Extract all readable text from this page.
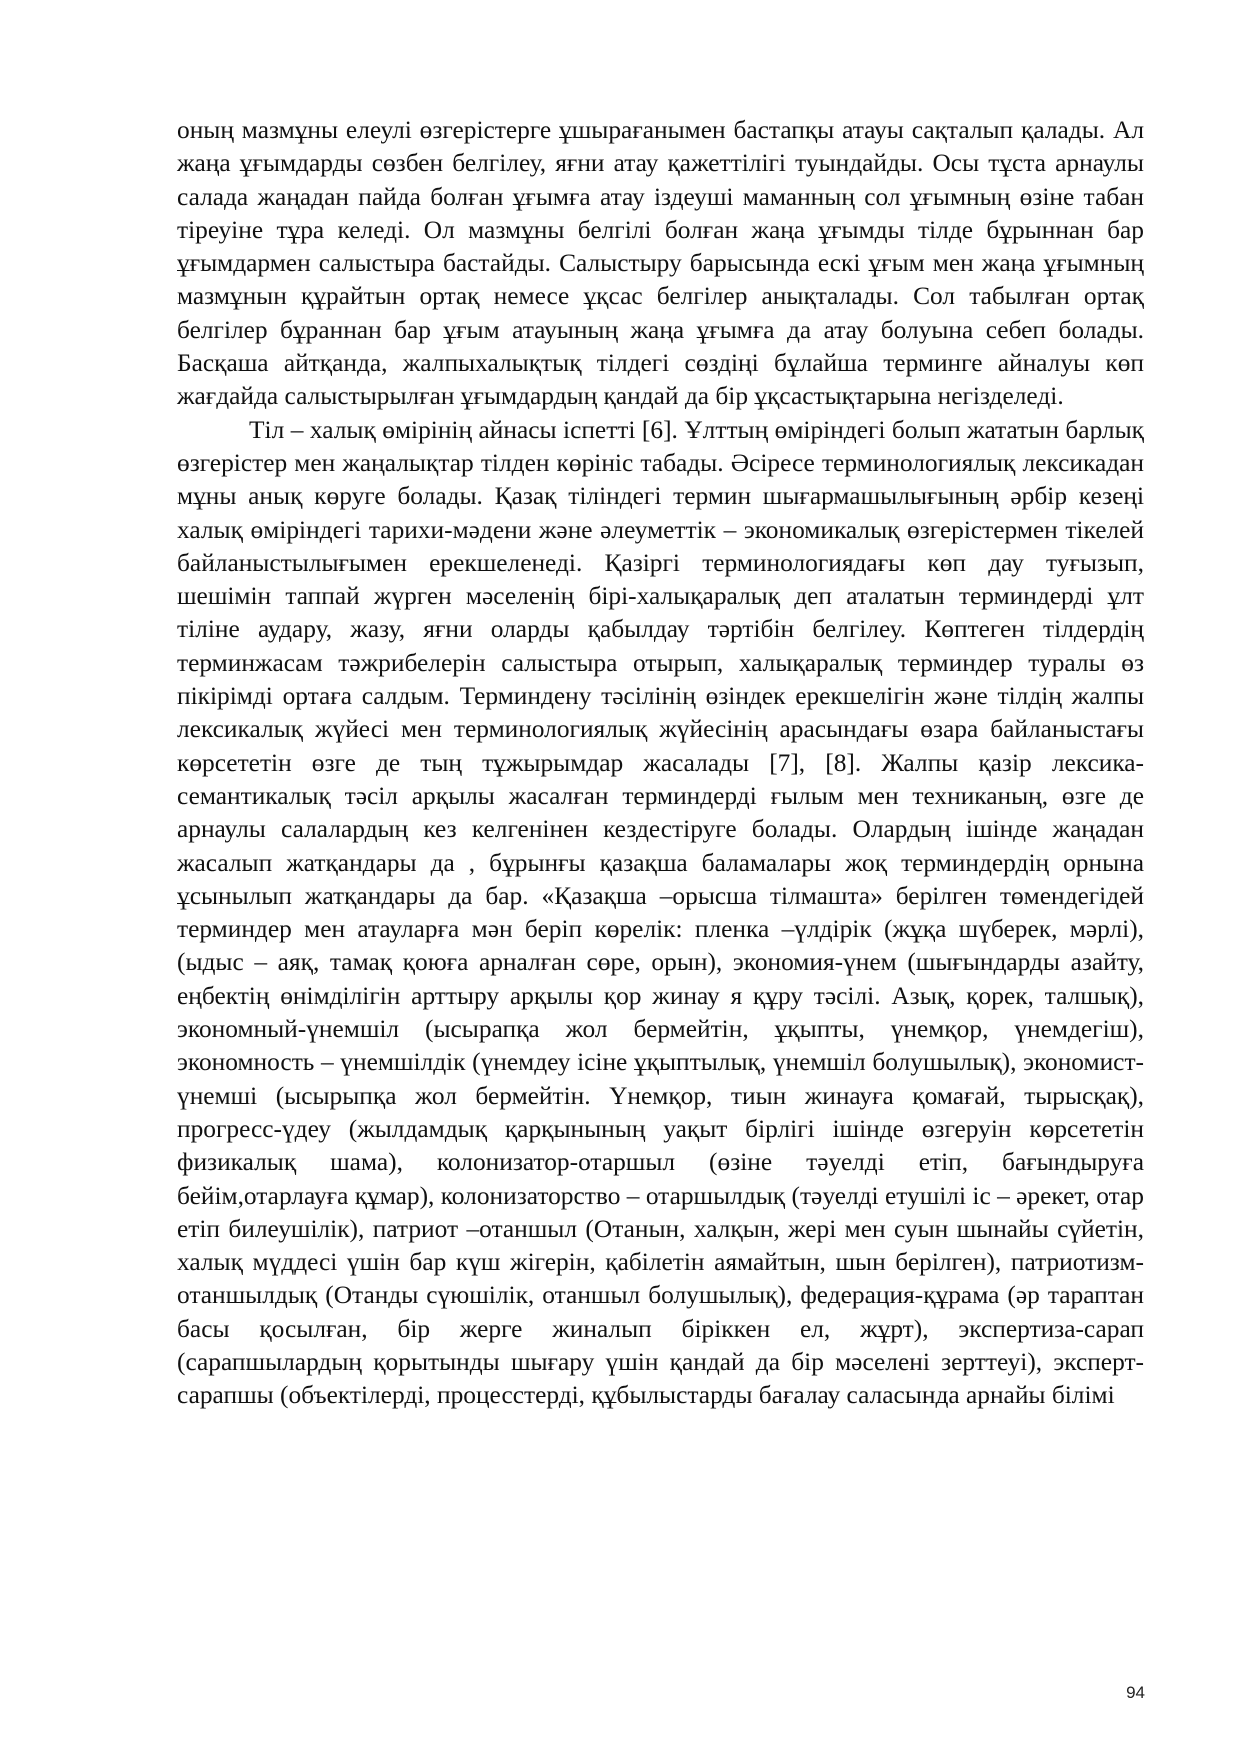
оның мазмұны елеулі өзгерістерге ұшырағанымен бастапқы атауы сақталып қалады. Ал жаңа ұғымдарды сөзбен белгілеу, яғни атау қажеттілігі туындайды. Осы тұста арнаулы салада жаңадан пайда болған ұғымға атау іздеуші маманның сол ұғымның өзіне табан тіреуіне тұра келеді. Ол мазмұны белгілі болған жаңа ұғымды тілде бұрыннан бар ұғымдармен салыстыра бастайды. Салыстыру барысында ескі ұғым мен жаңа ұғымның мазмұнын құрайтын ортақ немесе ұқсас белгілер анықталады. Сол табылған ортақ белгілер бұраннан бар ұғым атауының жаңа ұғымға да атау болуына себеп болады. Басқаша айтқанда, жалпыхалықтық тілдегі сөздіңі бұлайша терминге айналуы көп жағдайда салыстырылған ұғымдардың қандай да бір ұқсастықтарына негізделеді.

Тіл – халық өмірінің айнасы іспетті [6]. Ұлттың өміріндегі болып жататын барлық өзгерістер мен жаңалықтар тілден көрініс табады. Әсіресе терминологиялық лексикадан мұны анық көруге болады. Қазақ тіліндегі термин шығармашылығының әрбір кезеңі халық өміріндегі тарихи-мәдени және әлеуметтік – экономикалық өзгерістермен тікелей байланыстылығымен ерекшеленеді. Қазіргі терминологиядағы көп дау туғызып, шешімін таппай жүрген мәселенің бірі-халықаралық деп аталатын терминдерді ұлт тіліне аудару, жазу, яғни оларды қабылдау тәртібін белгілеу. Көптеген тілдердің терминжасам тәжрибелерін салыстыра отырып, халықаралық терминдер туралы өз пікірімді ортаға салдым. Терминдену тәсілінің өзіндек ерекшелігін және тілдің жалпы лексикалық жүйесі мен терминологиялық жүйесінің арасындағы өзара байланыстағы көрсететін өзге де тың тұжырымдар жасалады [7], [8]. Жалпы қазір лексика-семантикалық тәсіл арқылы жасалған терминдерді ғылым мен техниканың, өзге де арнаулы салалардың кез келгенінен кездестіруге болады. Олардың ішінде жаңадан жасалып жатқандары да , бұрынғы қазақша баламалары жоқ терминдердің орнына ұсынылып жатқандары да бар. «Қазақша –орысша тілмашта» берілген төмендегідей терминдер мен атауларға мән беріп көрелік: пленка –үлдірік (жұқа шүберек, мәрлі), (ыдыс – аяқ, тамақ қоюға арналған сөре, орын), экономия-үнем (шығындарды азайту, еңбектің өнімділігін арттыру арқылы қор жинау я құру тәсілі. Азық, қорек, талшық), экономный-үнемшіл (ысырапқа жол бермейтін, ұқыпты, үнемқор, үнемдегіш), экономность – үнемшілдік (үнемдеу ісіне ұқыптылық, үнемшіл болушылық), экономист-үнемші (ысырыпқа жол бермейтін. Үнемқор, тиын жинауға қомағай, тырысқақ), прогресс-үдеу (жылдамдық қарқынының уақыт бірлігі ішінде өзгеруін көрсететін физикалық шама), колонизатор-отаршыл (өзіне тәуелді етіп, бағындыруға бейім,отарлауға құмар), колонизаторство – отаршылдық (тәуелді етушілі іс – әрекет, отар етіп билеушілік), патриот –отаншыл (Отанын, халқын, жері мен суын шынайы сүйетін, халық мүддесі үшін бар күш жігерін, қабілетін аямайтын, шын берілген), патриотизм- отаншылдық (Отанды сүюшілік, отаншыл болушылық), федерация-құрама (әр тараптан басы қосылған, бір жерге жиналып біріккен ел, жұрт), экспертиза-сарап (сарапшылардың қорытынды шығару үшін қандай да бір мәселені зерттеуі), эксперт-сарапшы (объектілерді, процесстерді, құбылыстарды бағалау саласында арнайы білімі

94
